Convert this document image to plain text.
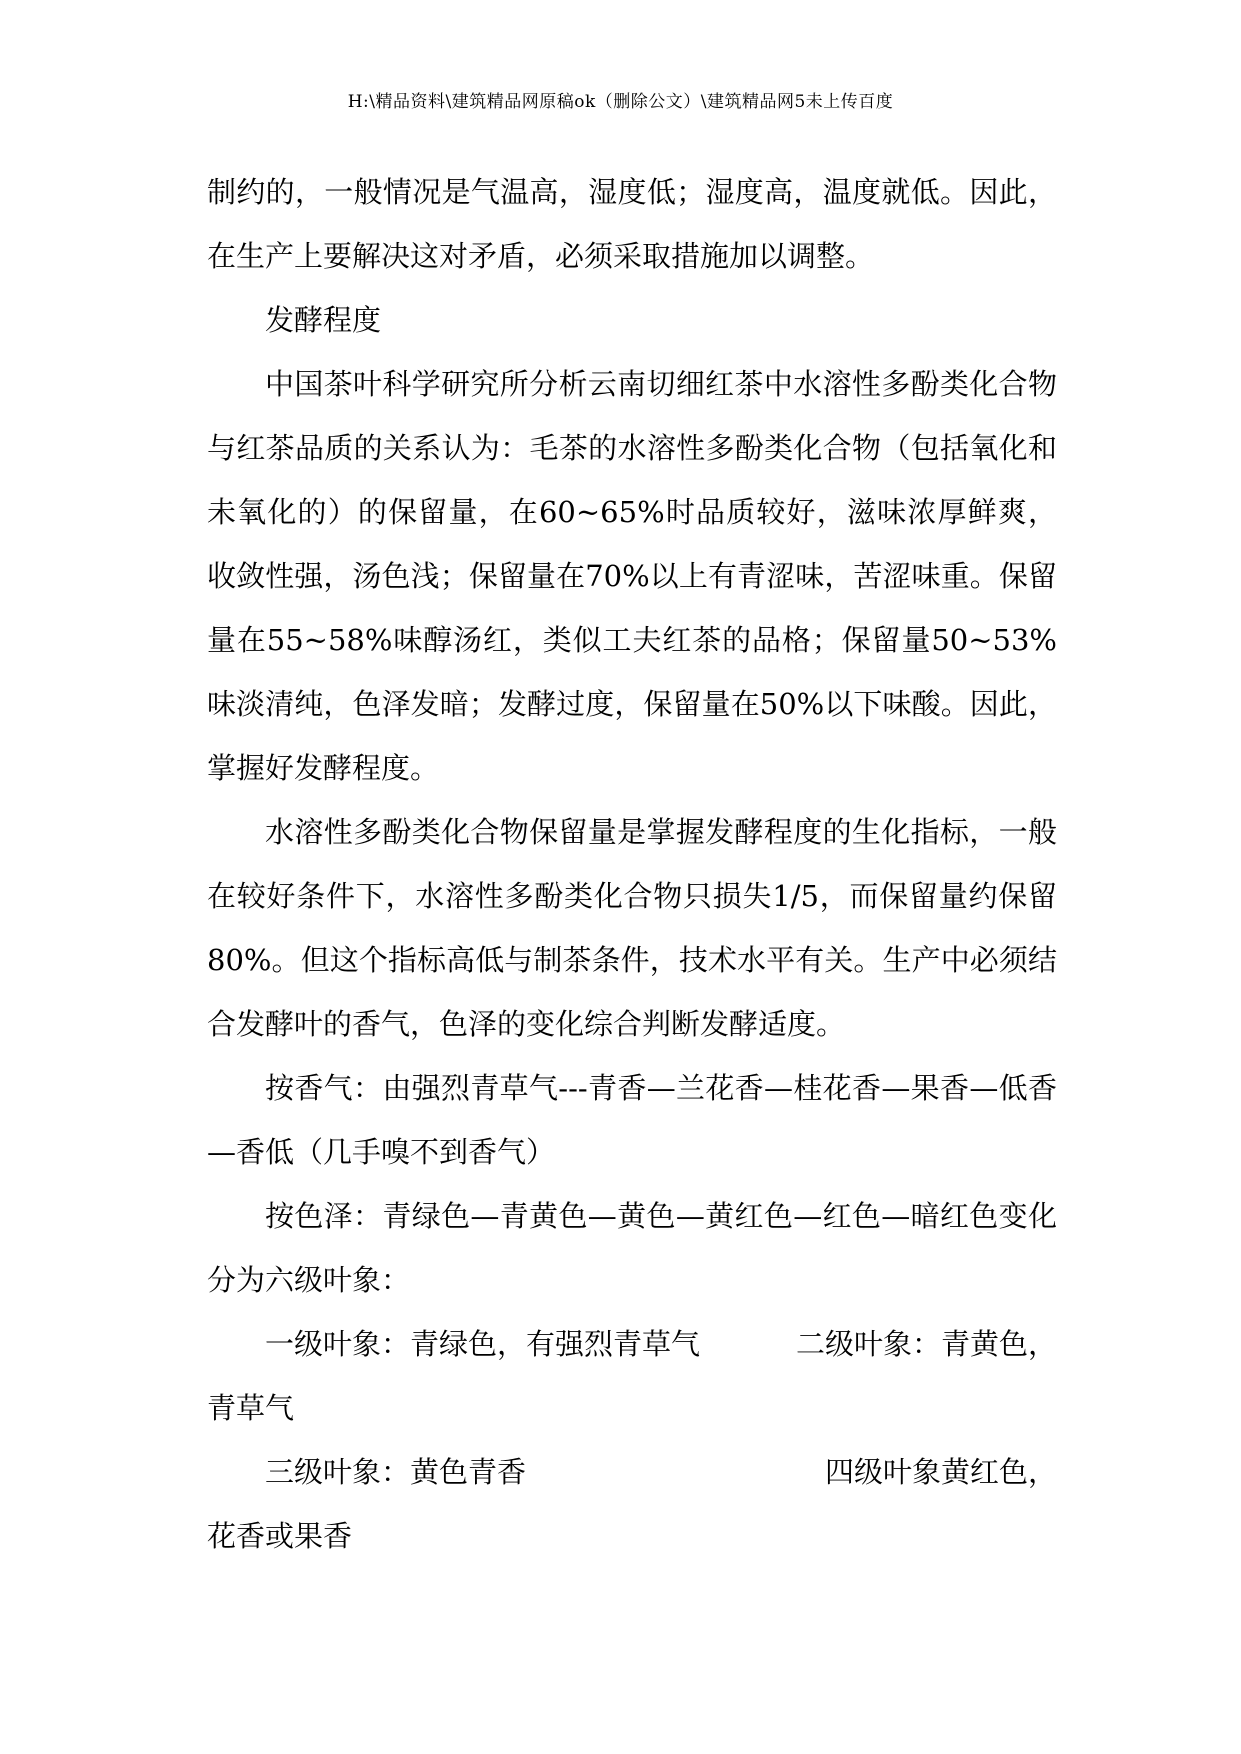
H:\精品资料\建筑精品网原稿ok（删除公文）\建筑精品网5未上传百度

制约的，一般情况是气温高，湿度低；湿度高，温度就低。因此，在生产上要解决这对矛盾，必须采取措施加以调整。

发酵程度

中国茶叶科学研究所分析云南切细红茶中水溶性多酚类化合物与红茶品质的关系认为：毛茶的水溶性多酚类化合物（包括氧化和未氧化的）的保留量，在60~65%时品质较好，滋味浓厚鲜爽，收敛性强，汤色浅；保留量在70%以上有青涩味，苦涩味重。保留量在55~58%味醇汤红，类似工夫红茶的品格；保留量50~53%味淡清纯，色泽发暗；发酵过度，保留量在50%以下味酸。因此，掌握好发酵程度。

水溶性多酚类化合物保留量是掌握发酵程度的生化指标，一般在较好条件下，水溶性多酚类化合物只损失1/5，而保留量约保留80%。但这个指标高低与制茶条件，技术水平有关。生产中必须结合发酵叶的香气，色泽的变化综合判断发酵适度。

按香气：由强烈青草气---青香—兰花香—桂花香—果香—低香—香低（几手嗅不到香气）

按色泽：青绿色—青黄色—黄色—黄红色—红色—暗红色变化分为六级叶象：

一级叶象：青绿色，有强烈青草气	二级叶象：青黄色，

青草气

三级叶象：黄色青香	四级叶象黄红色，

花香或果香
